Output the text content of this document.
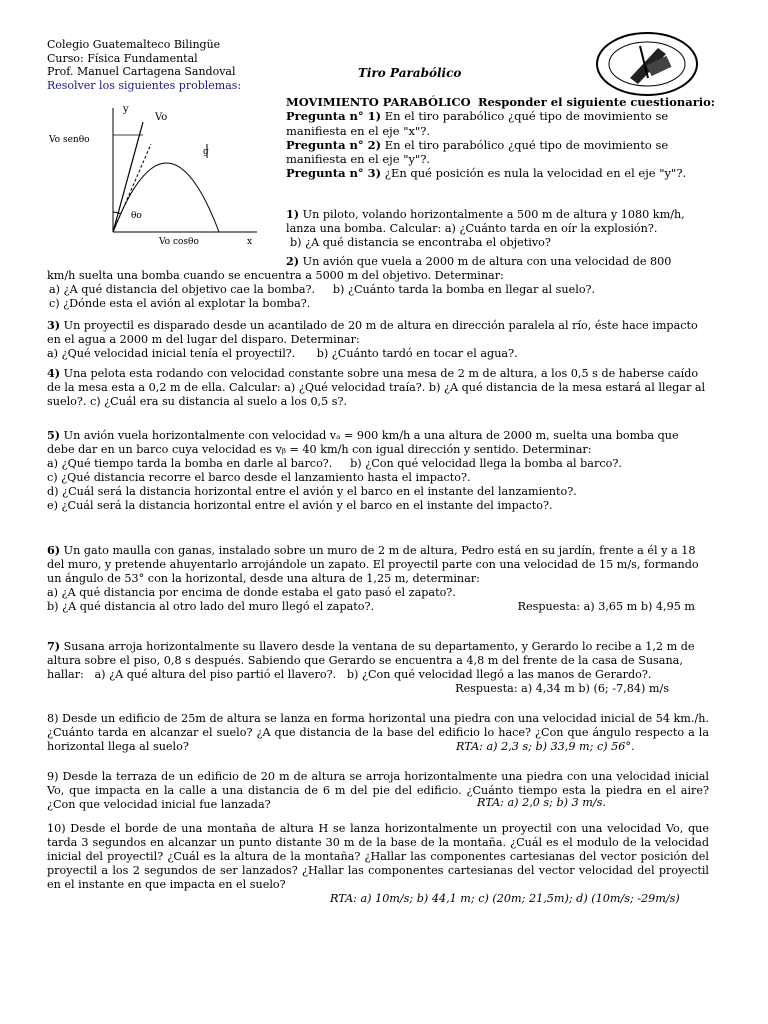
Colegio Guatemalteco Bilingüe
Curso: Física Fundamental
Prof. Manuel Cartagena Sandoval
Resolver los siguientes problemas:
Tiro Parabólico
y
Vo
Vo senθo
g
θo
Vo cosθo	x

MOVIMIENTO PARABÓLICO Responder el siguiente cuestionario:

Pregunta n° 1) En el tiro parabólico ¿qué tipo de movimiento se manifiesta en el eje "x"?.

Pregunta n° 2) En el tiro parabólico ¿qué tipo de movimiento se manifiesta en el eje "y"?.

Pregunta n° 3) ¿En qué posición es nula la velocidad en el eje "y"?.

1) Un piloto, volando horizontalmente a 500 m de altura y 1080 km/h, lanza una bomba. Calcular: a) ¿Cuánto tarda en oír la explosión?.

b) ¿A qué distancia se encontraba el objetivo?

2) Un avión que vuela a 2000 m de altura con una velocidad de 800

km/h suelta una bomba cuando se encuentra a 5000 m del objetivo. Determinar:

a) ¿A qué distancia del objetivo cae la bomba?. b) ¿Cuánto tarda la bomba en llegar al suelo?.

c) ¿Dónde esta el avión al explotar la bomba?.

3) Un proyectil es disparado desde un acantilado de 20 m de altura en dirección paralela al río, éste hace impacto en el agua a 2000 m del lugar del disparo. Determinar:

a) ¿Qué velocidad inicial tenía el proyectil?. b) ¿Cuánto tardó en tocar el agua?.

4) Una pelota esta rodando con velocidad constante sobre una mesa de 2 m de altura, a los 0,5 s de haberse caído de la mesa esta a 0,2 m de ella. Calcular: a) ¿Qué velocidad traía?. b) ¿A qué distancia de la mesa estará al llegar al suelo?. c) ¿Cuál era su distancia al suelo a los 0,5 s?.

5) Un avión vuela horizontalmente con velocidad vₐ = 900 km/h a una altura de 2000 m, suelta una bomba que debe dar en un barco cuya velocidad es vᵦ = 40 km/h con igual dirección y sentido. Determinar:

a) ¿Qué tiempo tarda la bomba en darle al barco?. b) ¿Con qué velocidad llega la bomba al barco?.

c) ¿Qué distancia recorre el barco desde el lanzamiento hasta el impacto?.

d) ¿Cuál será la distancia horizontal entre el avión y el barco en el instante del lanzamiento?.

e) ¿Cuál será la distancia horizontal entre el avión y el barco en el instante del impacto?.

6) Un gato maulla con ganas, instalado sobre un muro de 2 m de altura, Pedro está en su jardín, frente a él y a 18 del muro, y pretende ahuyentarlo arrojándole un zapato. El proyectil parte con una velocidad de 15 m/s, formando un ángulo de 53° con la horizontal, desde una altura de 1,25 m, determinar:

a) ¿A qué distancia por encima de donde estaba el gato pasó el zapato?.

b) ¿A qué distancia al otro lado del muro llegó el zapato?.	Respuesta: a) 3,65 m b) 4,95 m

7) Susana arroja horizontalmente su llavero desde la ventana de su departamento, y Gerardo lo recibe a 1,2 m de altura sobre el piso, 0,8 s después. Sabiendo que Gerardo se encuentra a 4,8 m del frente de la casa de Susana, hallar: a) ¿A qué altura del piso partió el llavero?. b) ¿Con qué velocidad llegó a las manos de Gerardo?.

Respuesta: a) 4,34 m b) (6; -7,84) m/s

8) Desde un edificio de 25m de altura se lanza en forma horizontal una piedra con una velocidad inicial de 54 km./h. ¿Cuánto tarda en alcanzar el suelo? ¿A que distancia de la base del edificio lo hace? ¿Con que ángulo respecto a la horizontal llega al suelo?	RTA: a) 2,3 s; b) 33,9 m; c) 56°.

9) Desde la terraza de un edificio de 20 m de altura se arroja horizontalmente una piedra con una velocidad inicial Vo, que impacta en la calle a una distancia de 6 m del pie del edificio. ¿Cuánto tiempo esta la piedra en el aire? ¿Con que velocidad inicial fue lanzada?	RTA: a) 2,0 s; b) 3 m/s.

10) Desde el borde de una montaña de altura H se lanza horizontalmente un proyectil con una velocidad Vo, que tarda 3 segundos en alcanzar un punto distante 30 m de la base de la montaña. ¿Cuál es el modulo de la velocidad inicial del proyectil? ¿Cuál es la altura de la montaña? ¿Hallar las componentes cartesianas del vector posición del proyectil a los 2 segundos de ser lanzados? ¿Hallar las componentes cartesianas del vector velocidad del proyectil en el instante en que impacta en el suelo?

RTA: a) 10m/s; b) 44,1 m; c) (20m; 21,5m); d) (10m/s; -29m/s)
